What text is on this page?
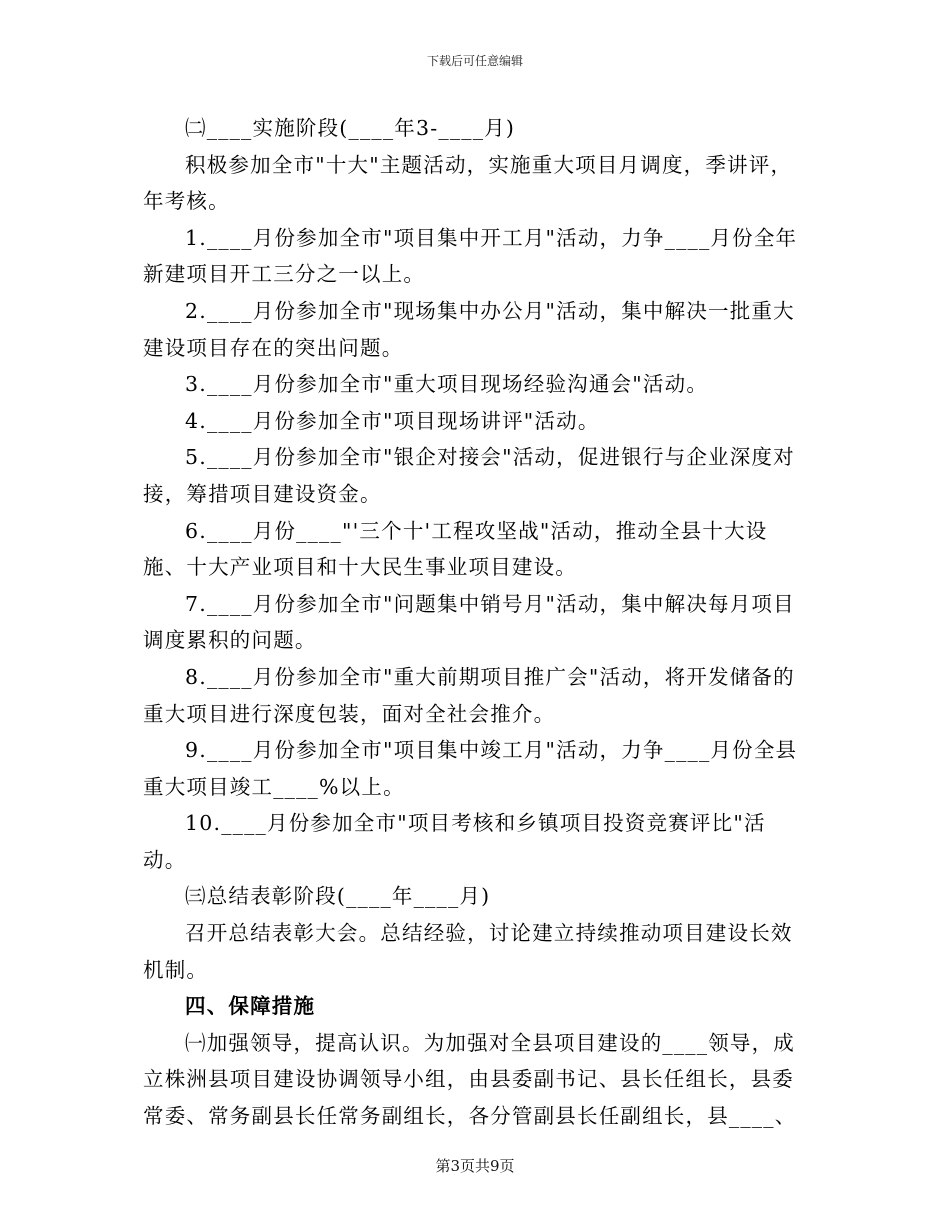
下载后可任意编辑

㈡____实施阶段(____年3-____月)

积极参加全市"十大"主题活动，实施重大项目月调度，季讲评，年考核。

1.____月份参加全市"项目集中开工月"活动，力争____月份全年新建项目开工三分之一以上。

2.____月份参加全市"现场集中办公月"活动，集中解决一批重大建设项目存在的突出问题。

3.____月份参加全市"重大项目现场经验沟通会"活动。

4.____月份参加全市"项目现场讲评"活动。

5.____月份参加全市"银企对接会"活动，促进银行与企业深度对接，筹措项目建设资金。

6.____月份____"'三个十'工程攻坚战"活动，推动全县十大设施、十大产业项目和十大民生事业项目建设。

7.____月份参加全市"问题集中销号月"活动，集中解决每月项目调度累积的问题。

8.____月份参加全市"重大前期项目推广会"活动，将开发储备的重大项目进行深度包装，面对全社会推介。

9.____月份参加全市"项目集中竣工月"活动，力争____月份全县重大项目竣工____%以上。

10.____月份参加全市"项目考核和乡镇项目投资竞赛评比"活动。

㈢总结表彰阶段(____年____月)

召开总结表彰大会。总结经验，讨论建立持续推动项目建设长效机制。

四、保障措施

㈠加强领导，提高认识。为加强对全县项目建设的____领导，成立株洲县项目建设协调领导小组，由县委副书记、县长任组长，县委常委、常务副县长任常务副组长，各分管副县长任副组长，县____、

第3页共9页
